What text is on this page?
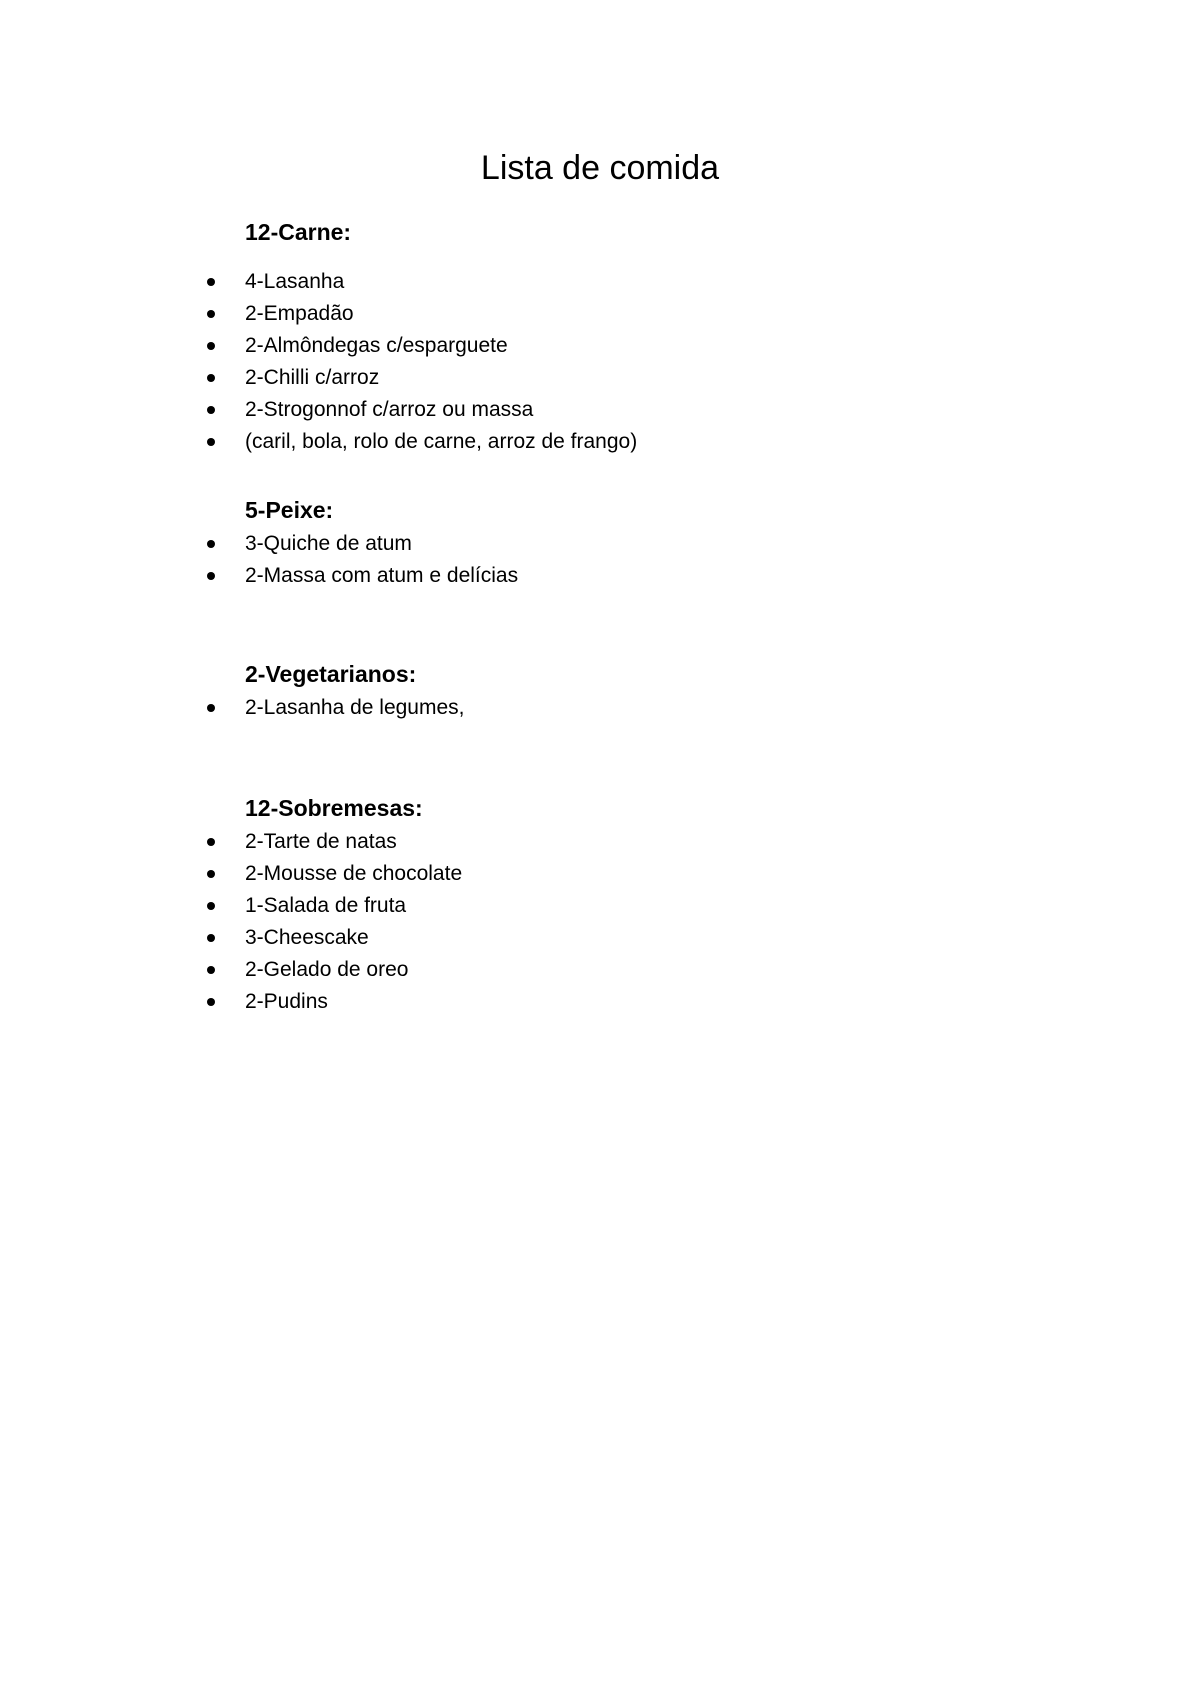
Lista de comida
12-Carne:
4-Lasanha
2-Empadão
2-Almôndegas c/esparguete
2-Chilli c/arroz
2-Strogonnof c/arroz ou massa
(caril, bola, rolo de carne, arroz de frango)
5-Peixe:
3-Quiche de atum
2-Massa com atum e delícias
2-Vegetarianos:
2-Lasanha de legumes,
12-Sobremesas:
2-Tarte de natas
2-Mousse de chocolate
1-Salada de fruta
3-Cheescake
2-Gelado de oreo
2-Pudins
